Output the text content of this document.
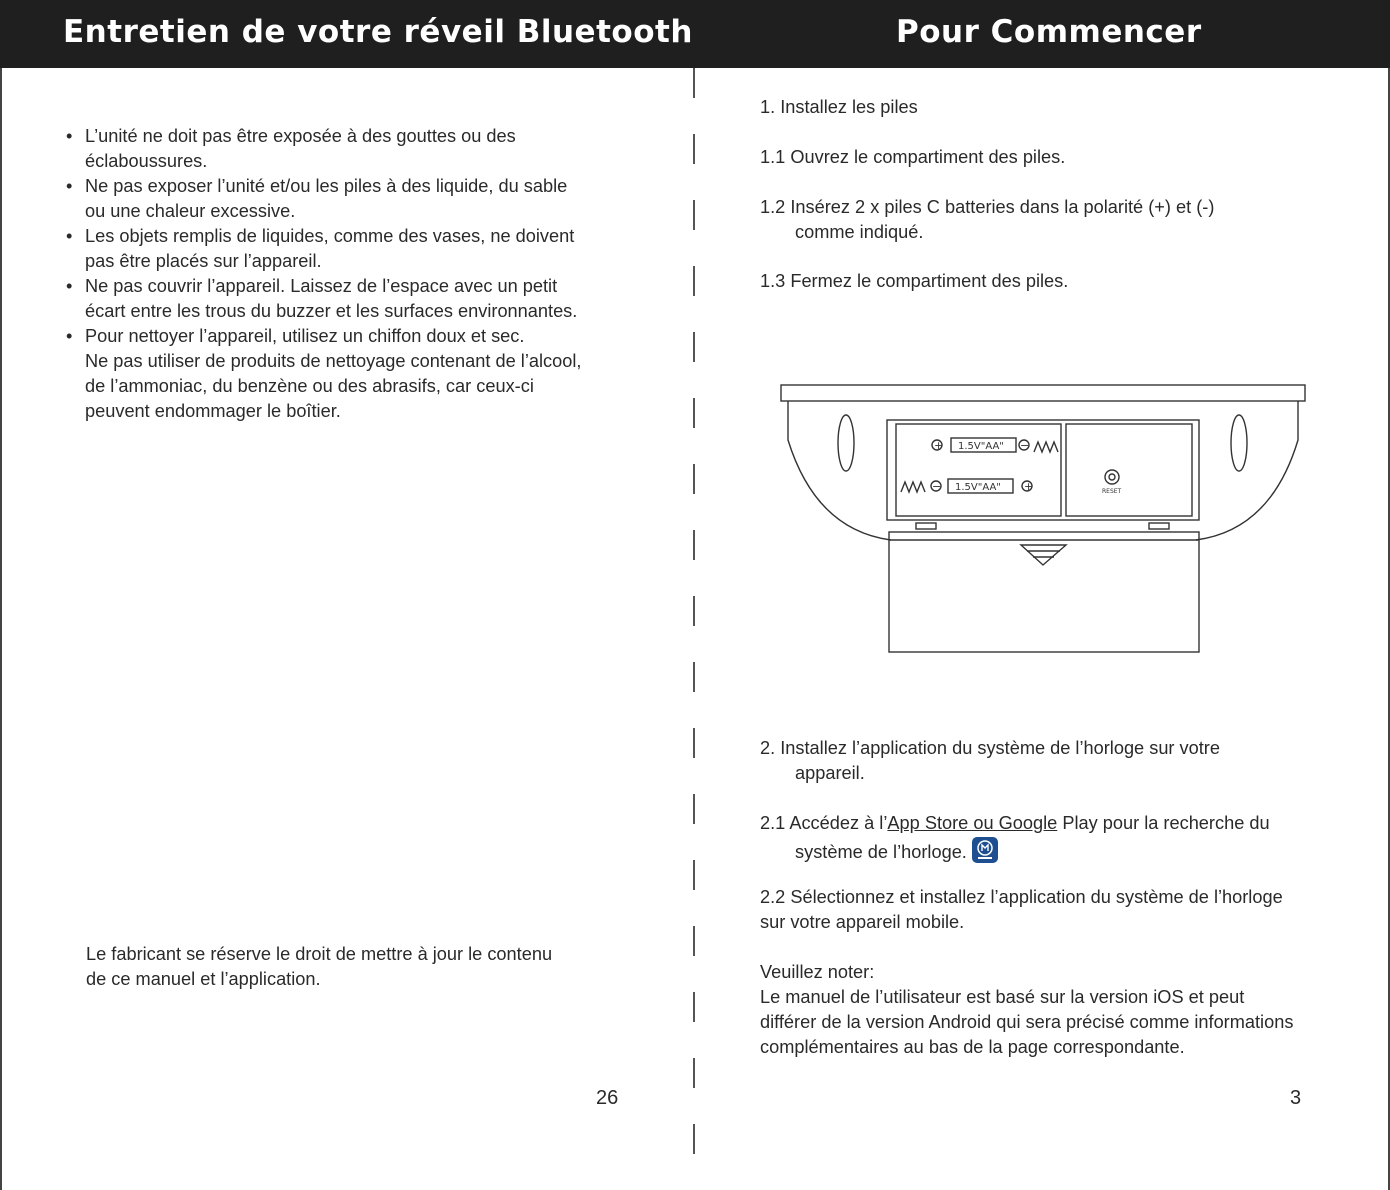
Entretien de votre réveil Bluetooth	Pour Commencer
• L’unité ne doit pas être exposée à des gouttes ou des
éclaboussures.
• Ne pas exposer l’unité et/ou les piles à des liquide, du sable
ou une chaleur excessive.
• Les objets remplis de liquides, comme des vases, ne doivent
pas être placés sur l’appareil.
• Ne pas couvrir l’appareil. Laissez de l’espace avec un petit
écart entre les trous du buzzer et les surfaces environnantes.
• Pour nettoyer l’appareil, utilisez un chiffon doux et sec.
Ne pas utiliser de produits de nettoyage contenant de l’alcool,
de l’ammoniac, du benzène ou des abrasifs, car ceux-ci
peuvent endommager le boîtier.
Le fabricant se réserve le droit de mettre à jour le contenu
de ce manuel et l’application.
26
1. Installez les piles
1.1 Ouvrez le compartiment des piles.
1.2 Insérez 2 x piles C batteries dans la polarité (+) et (-)
comme indiqué.
1.3 Fermez le compartiment des piles.
+	−
−	+
1.5V"AA"
1.5V"AA"	RESET
2. Installez l’application du système de l’horloge sur votre
appareil.
2.1 Accédez à l’App Store ou Google Play pour la recherche du
système de l’horloge.
2.2 Sélectionnez et installez l’application du système de l’horloge
sur votre appareil mobile.
Veuillez noter:
Le manuel de l’utilisateur est basé sur la version iOS et peut
différer de la version Android qui sera précisé comme informations
complémentaires au bas de la page correspondante.
3
